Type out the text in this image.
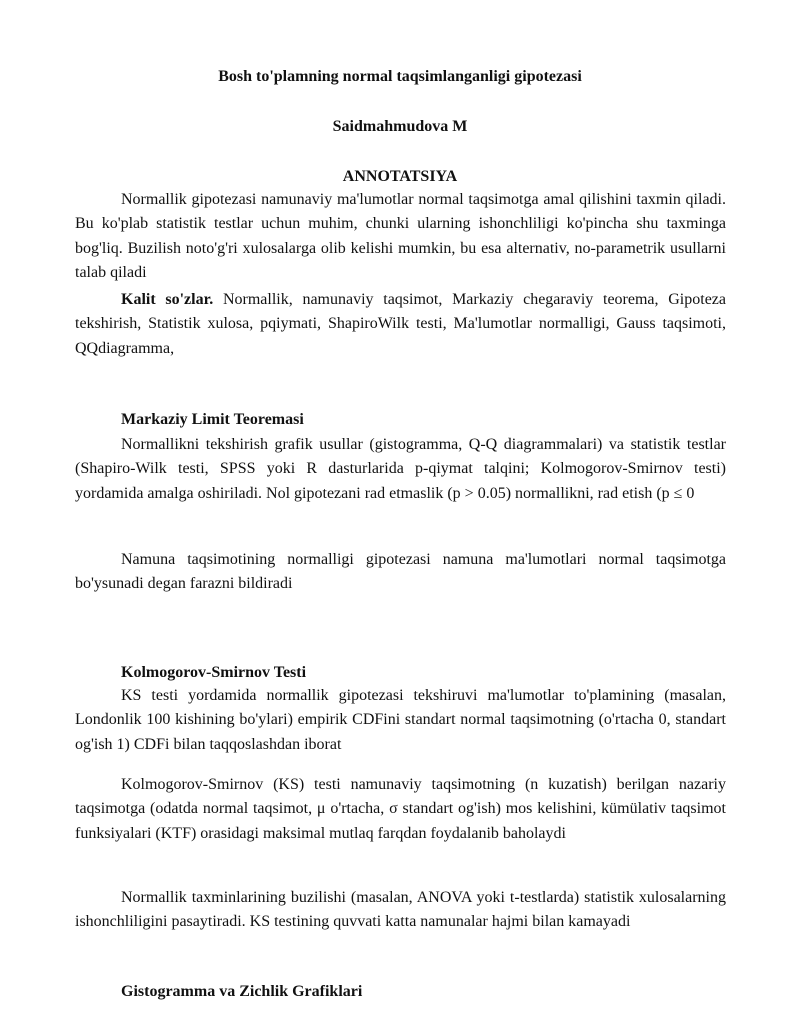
Bosh to'plamning normal taqsimlanganligi gipotezasi
Saidmahmudova M
ANNOTATSIYA

Normallik gipotezasi namunaviy ma'lumotlar normal taqsimotga amal qilishini taxmin qiladi. Bu ko'plab statistik testlar uchun muhim, chunki ularning ishonchliligi ko'pincha shu taxminga bog'liq. Buzilish noto'g'ri xulosalarga olib kelishi mumkin, bu esa alternativ, no-parametrik usullarni talab qiladi

Kalit so'zlar. Normallik, namunaviy taqsimot, Markaziy chegaraviy teorema, Gipoteza tekshirish, Statistik xulosa, pqiymati, ShapiroWilk testi, Ma'lumotlar normalligi, Gauss taqsimoti, QQdiagramma,

Markaziy Limit Teoremasi

Normallikni tekshirish grafik usullar (gistogramma, Q-Q diagrammalari) va statistik testlar (Shapiro-Wilk testi, SPSS yoki R dasturlarida p-qiymat talqini; Kolmogorov-Smirnov testi) yordamida amalga oshiriladi. Nol gipotezani rad etmaslik (p > 0.05) normallikni, rad etish (p ≤ 0

Namuna taqsimotining normalligi gipotezasi namuna ma'lumotlari normal taqsimotga bo'ysunadi degan farazni bildiradi

Kolmogorov-Smirnov Testi

KS testi yordamida normallik gipotezasi tekshiruvi ma'lumotlar to'plamining (masalan, Londonlik 100 kishining bo'ylari) empirik CDFini standart normal taqsimotning (o'rtacha 0, standart og'ish 1) CDFi bilan taqqoslashdan iborat

Kolmogorov-Smirnov (KS) testi namunaviy taqsimotning (n kuzatish) berilgan nazariy taqsimotga (odatda normal taqsimot, μ o'rtacha, σ standart og'ish) mos kelishini, kümülativ taqsimot funksiyalari (KTF) orasidagi maksimal mutlaq farqdan foydalanib baholaydi

Normallik taxminlarining buzilishi (masalan, ANOVA yoki t-testlarda) statistik xulosalarning ishonchliligini pasaytiradi. KS testining quvvati katta namunalar hajmi bilan kamayadi

Gistogramma va Zichlik Grafiklari
